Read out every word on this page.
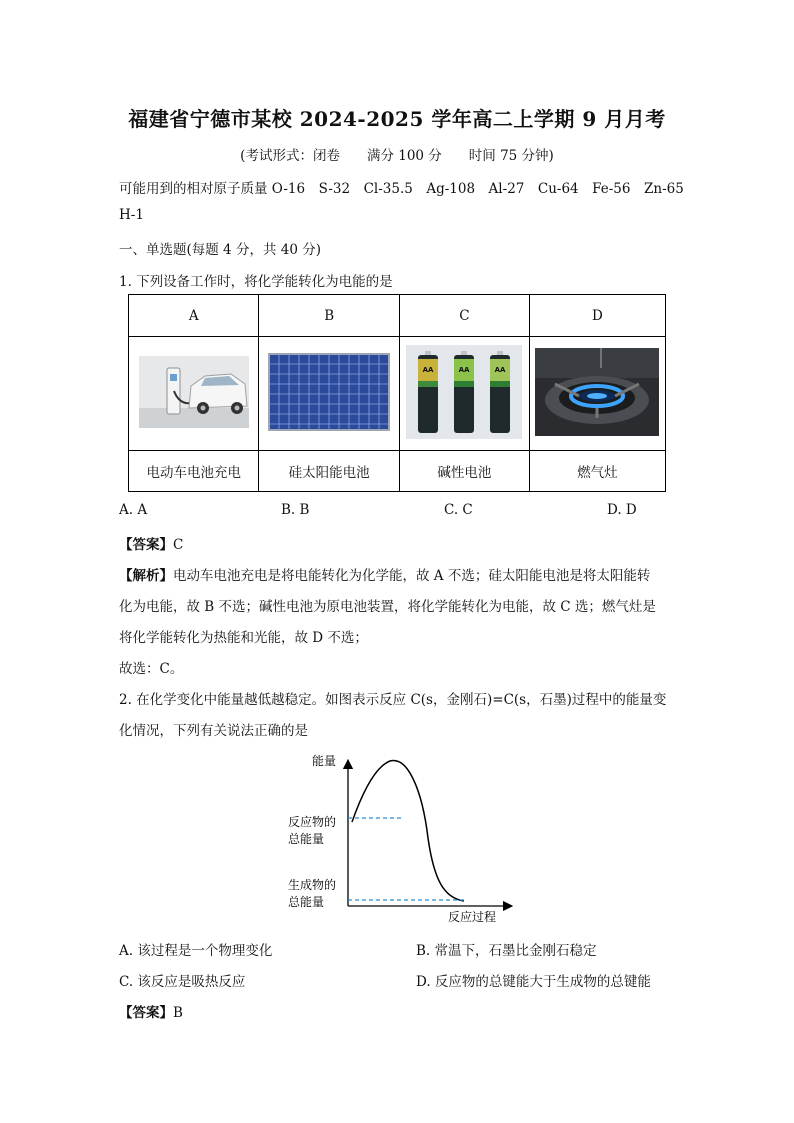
福建省宁德市某校 2024-2025 学年高二上学期 9 月月考
(考试形式：闭卷　　满分 100 分　　时间 75 分钟)
可能用到的相对原子质量 O-16　S-32　Cl-35.5　Ag-108　Al-27　Cu-64　Fe-56　Zn-65
H-1
一、单选题(每题 4 分，共 40 分)
1. 下列设备工作时，将化学能转化为电能的是
A	B	C	D

AA AA AA

电动车电池充电	硅太阳能电池	碱性电池	燃气灶
A. A	B. B	C. C	D. D
【答案】C
【解析】电动车电池充电是将电能转化为化学能，故 A 不选；硅太阳能电池是将太阳能转
化为电能，故 B 不选；碱性电池为原电池装置，将化学能转化为电能，故 C 选；燃气灶是
将化学能转化为热能和光能，故 D 不选；
故选：C。
2. 在化学变化中能量越低越稳定。如图表示反应 C(s，金刚石)=C(s，石墨)过程中的能量变
化情况，下列有关说法正确的是
能量
反应物的
总能量
生成物的
总能量
反应过程
A. 该过程是一个物理变化	B. 常温下，石墨比金刚石稳定
C. 该反应是吸热反应	D. 反应物的总键能大于生成物的总键能
【答案】B
